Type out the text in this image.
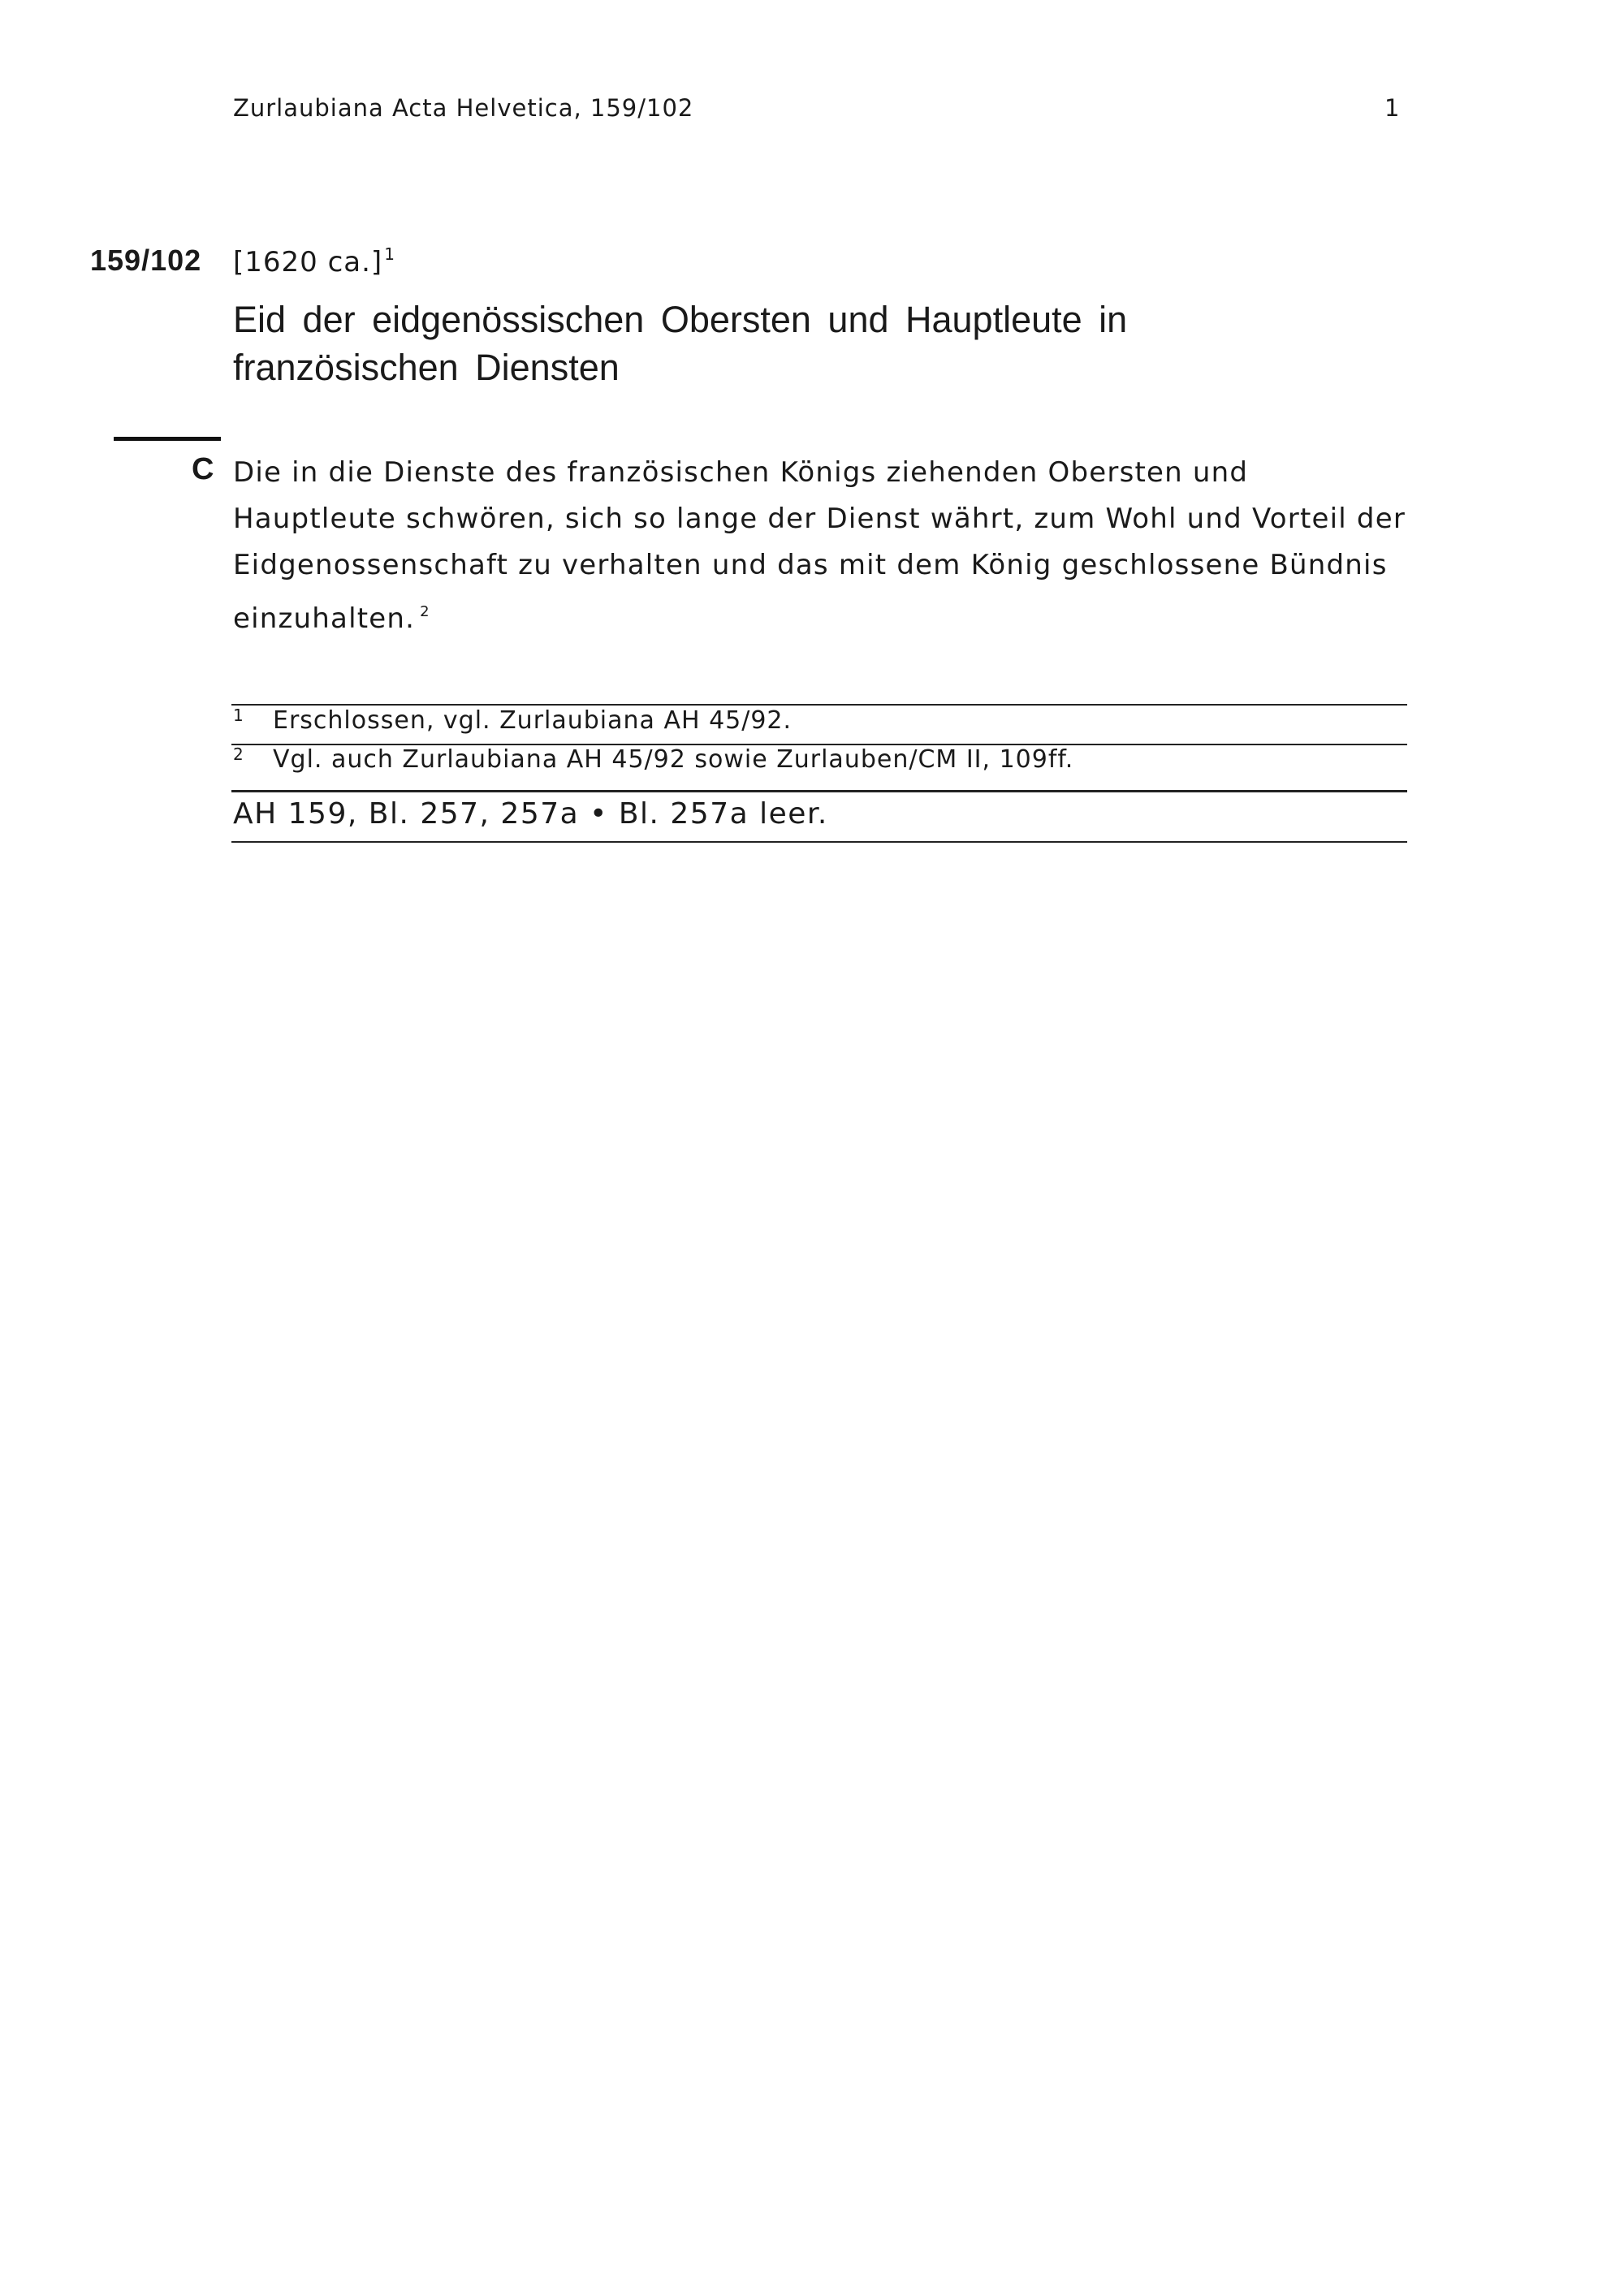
Zurlaubiana Acta Helvetica, 159/102	1
159/102 [1620 ca.] $^1$
Eid der eidgenössischen Obersten und Hauptleute in französischen Diensten
C Die in die Dienste des französischen Königs ziehenden Obersten und Hauptleute schwören, sich so lange der Dienst währt, zum Wohl und Vorteil der Eidgenossenschaft zu verhalten und das mit dem König geschlossene Bündnis einzuhalten. $^2$

1 Erschlossen, vgl. Zurlaubiana AH 45/92.
2 Vgl. auch Zurlaubiana AH 45/92 sowie Zurlauben/CM II, 109ff.
AH 159, Bl. 257, 257a • Bl. 257a leer.
